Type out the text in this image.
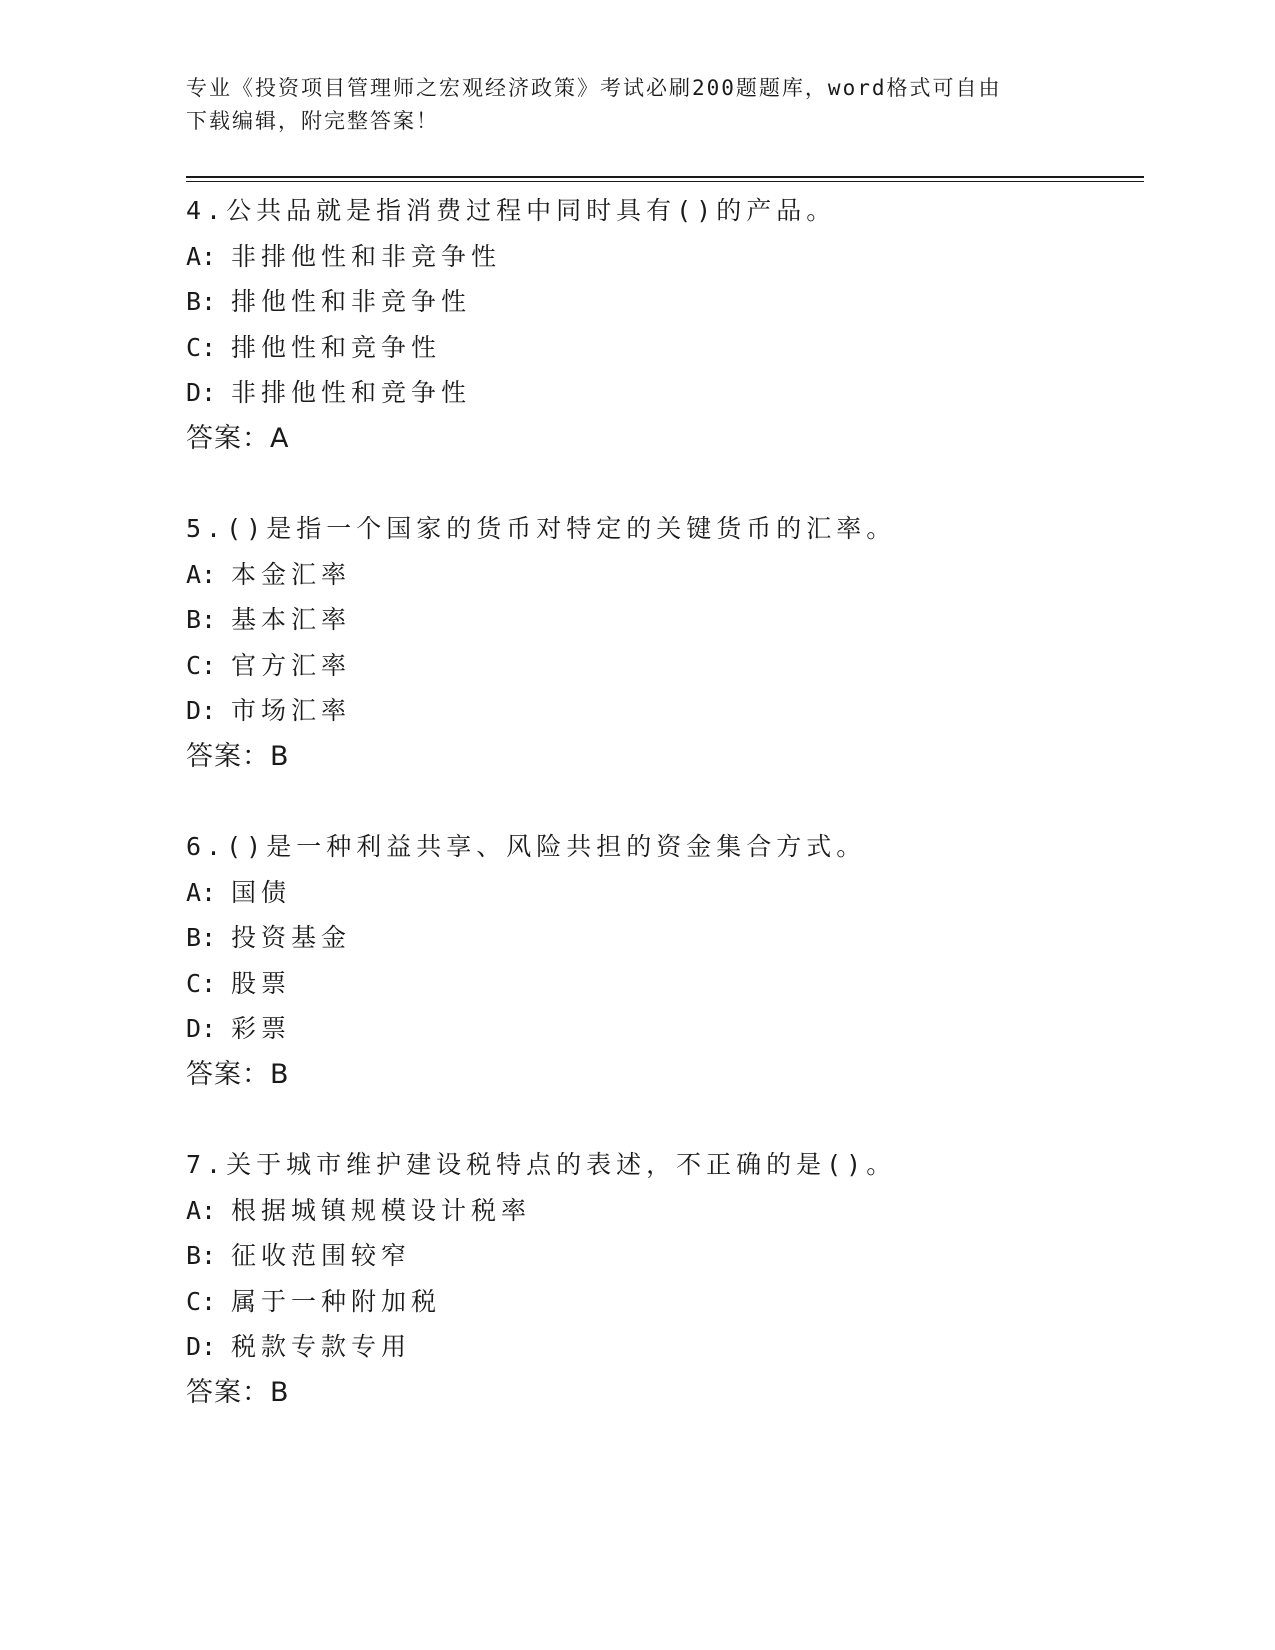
专业《投资项目管理师之宏观经济政策》考试必刷200题题库，word格式可自由
下载编辑，附完整答案！
4.公共品就是指消费过程中同时具有()的产品。
A: 非排他性和非竞争性
B: 排他性和非竞争性
C: 排他性和竞争性
D: 非排他性和竞争性
答案：A
5.()是指一个国家的货币对特定的关键货币的汇率。
A: 本金汇率
B: 基本汇率
C: 官方汇率
D: 市场汇率
答案：B
6.()是一种利益共享、风险共担的资金集合方式。
A: 国债
B: 投资基金
C: 股票
D: 彩票
答案：B
7.关于城市维护建设税特点的表述，不正确的是()。
A: 根据城镇规模设计税率
B: 征收范围较窄
C: 属于一种附加税
D: 税款专款专用
答案：B
